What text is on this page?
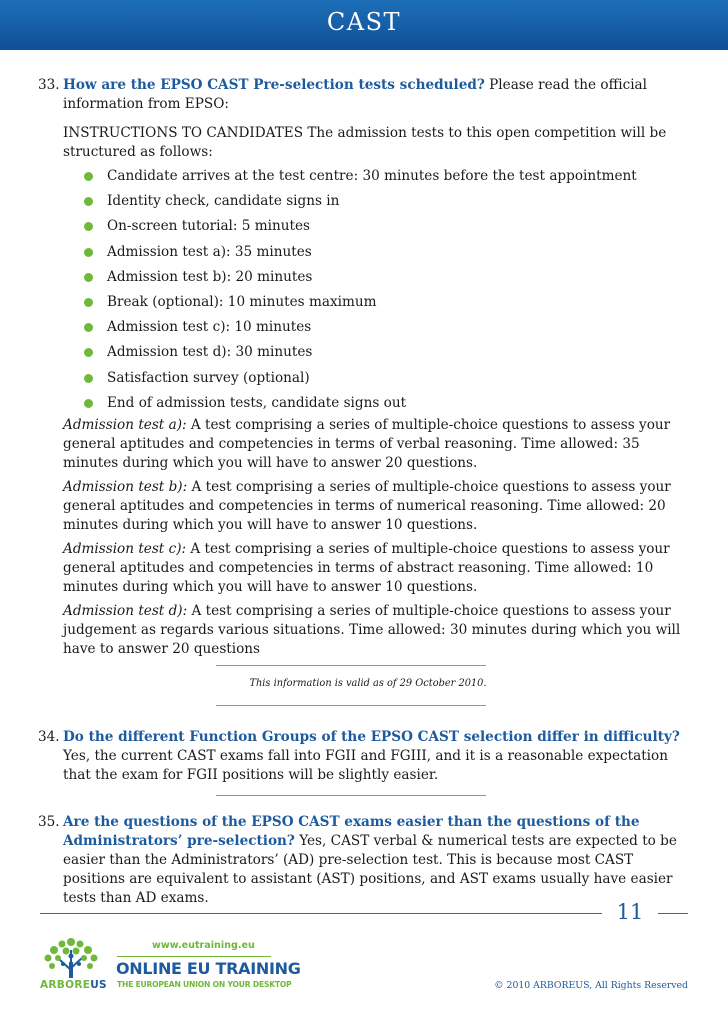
CAST
33. How are the EPSO CAST Pre-selection tests scheduled? Please read the official information from EPSO:
INSTRUCTIONS TO CANDIDATES The admission tests to this open competition will be structured as follows:
Candidate arrives at the test centre: 30 minutes before the test appointment
Identity check, candidate signs in
On-screen tutorial: 5 minutes
Admission test a): 35 minutes
Admission test b): 20 minutes
Break (optional): 10 minutes maximum
Admission test c): 10 minutes
Admission test d): 30 minutes
Satisfaction survey (optional)
End of admission tests, candidate signs out
Admission test a): A test comprising a series of multiple-choice questions to assess your general aptitudes and competencies in terms of verbal reasoning. Time allowed: 35 minutes during which you will have to answer 20 questions.
Admission test b): A test comprising a series of multiple-choice questions to assess your general aptitudes and competencies in terms of numerical reasoning. Time allowed: 20 minutes during which you will have to answer 10 questions.
Admission test c): A test comprising a series of multiple-choice questions to assess your general aptitudes and competencies in terms of abstract reasoning. Time allowed: 10 minutes during which you will have to answer 10 questions.
Admission test d): A test comprising a series of multiple-choice questions to assess your judgement as regards various situations. Time allowed: 30 minutes during which you will have to answer 20 questions
This information is valid as of 29 October 2010.
34. Do the different Function Groups of the EPSO CAST selection differ in difficulty? Yes, the current CAST exams fall into FGII and FGIII, and it is a reasonable expectation that the exam for FGII positions will be slightly easier.
35. Are the questions of the EPSO CAST exams easier than the questions of the Administrators’ pre-selection? Yes, CAST verbal & numerical tests are expected to be easier than the Administrators’ (AD) pre-selection test. This is because most CAST positions are equivalent to assistant (AST) positions, and AST exams usually have easier tests than AD exams.
11
ARBOREUS
www.eutraining.eu
ONLINE EU TRAINING
THE EUROPEAN UNION ON YOUR DESKTOP	© 2010 ARBOREUS, All Rights Reserved
